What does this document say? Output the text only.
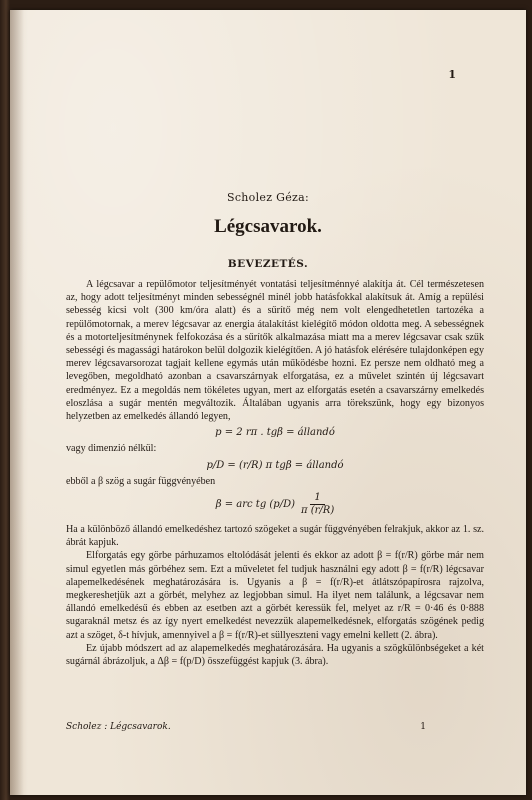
1
Scholez Géza:
Légcsavarok.
BEVEZETÉS.

A légcsavar a repülőmotor teljesítményét vontatási teljesítménnyé alakítja át. Cél természetesen az, hogy adott teljesítményt minden sebességnél minél jobb hatásfokkal alakítsuk át. Amíg a repülési sebesség kicsi volt (300 km/óra alatt) és a sűrítő még nem volt elengedhetetlen tartozéka a repülőmotornak, a merev légcsavar az energia átalakítást kielégítő módon oldotta meg. A sebességnek és a motorteljesítménynek felfokozása és a sűrítők alkalmazása miatt ma a merev légcsavar csak szűk sebességi és magassági határokon belül dolgozik kielégítően. A jó hatásfok elérésére tulajdonképen egy merev légcsavarsorozat tagjait kellene egymás után működésbe hozni. Ez persze nem oldható meg a levegőben, megoldható azonban a csavarszárnyak elforgatása, ez a művelet szintén új légcsavart eredményez. Ez a megoldás nem tökéletes ugyan, mert az elforgatás esetén a csavarszárny emelkedés eloszlása a sugár mentén megváltozik. Általában ugyanis arra törekszünk, hogy egy bizonyos helyzetben az emelkedés állandó legyen,

p = 2 rπ . tgβ = állandó

vagy dimenzió nélkül:

p/D = (r/R) π tgβ = állandó

ebből a β szög a sugár függvényében

β = arc tg $(p/D) \frac{1}{\pi (r/R)}$

Ha a különböző állandó emelkedéshez tartozó szögeket a sugár függvényében felrakjuk, akkor az 1. sz. ábrát kapjuk.

Elforgatás egy görbe párhuzamos eltolódását jelenti és ekkor az adott β = f(r/R) görbe már nem simul egyetlen más görbéhez sem. Ezt a műveletet fel tudjuk használni egy adott β = f(r/R) légcsavar alapemelkedésének meghatározására is. Ugyanis a β = f(r/R)-et átlátszópapírosra rajzolva, megkereshetjük azt a görbét, melyhez az legjobban simul. Ha ilyet nem találunk, a légcsavar nem állandó emelkedésű és ebben az esetben azt a görbét keressük fel, melyet az r/R = 0·46 és 0·888 sugaraknál metsz és az így nyert emelkedést nevezzük alapemelkedésnek, elforgatás szögének pedig azt a szöget, δ-t hívjuk, amennyivel a β = f(r/R)-et süllyeszteni vagy emelni kellett (2. ábra).

Ez újabb módszert ad az alapemelkedés meghatározására. Ha ugyanis a szögkülönbségeket a két sugárnál ábrázoljuk, a Δβ = f(p/D) összefüggést kapjuk (3. ábra).

Scholez : Légcsavarok.	1
